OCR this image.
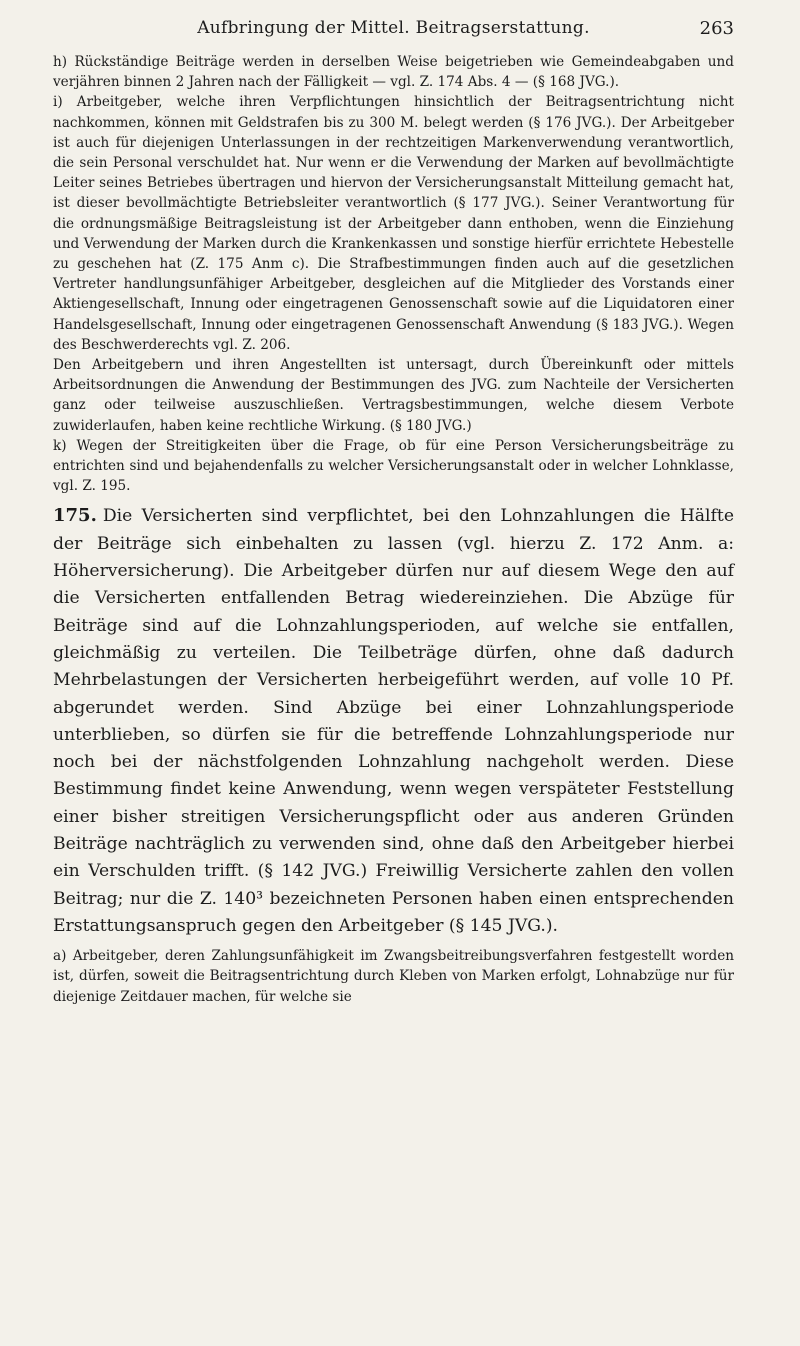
Aufbringung der Mittel. Beitragserstattung.	263

h) Rückständige Beiträge werden in derselben Weise beigetrieben wie Gemeindeabgaben und verjähren binnen 2 Jahren nach der Fälligkeit — vgl. Z. 174 Abs. 4 — (§ 168 JVG.).

i) Arbeitgeber, welche ihren Verpflichtungen hinsichtlich der Beitragsentrichtung nicht nachkommen, können mit Geldstrafen bis zu 300 M. belegt werden (§ 176 JVG.). Der Arbeitgeber ist auch für diejenigen Unterlassungen in der rechtzeitigen Markenverwendung verantwortlich, die sein Personal verschuldet hat. Nur wenn er die Verwendung der Marken auf bevollmächtigte Leiter seines Betriebes übertragen und hiervon der Versicherungsanstalt Mitteilung gemacht hat, ist dieser bevollmächtigte Betriebsleiter verantwortlich (§ 177 JVG.). Seiner Verantwortung für die ordnungsmäßige Beitragsleistung ist der Arbeitgeber dann enthoben, wenn die Einziehung und Verwendung der Marken durch die Krankenkassen und sonstige hierfür errichtete Hebestelle zu geschehen hat (Z. 175 Anm c). Die Strafbestimmungen finden auch auf die gesetzlichen Vertreter handlungsunfähiger Arbeitgeber, desgleichen auf die Mitglieder des Vorstands einer Aktiengesellschaft, Innung oder eingetragenen Genossenschaft sowie auf die Liquidatoren einer Handelsgesellschaft, Innung oder eingetragenen Genossenschaft Anwendung (§ 183 JVG.). Wegen des Beschwerderechts vgl. Z. 206.

Den Arbeitgebern und ihren Angestellten ist untersagt, durch Übereinkunft oder mittels Arbeitsordnungen die Anwendung der Bestimmungen des JVG. zum Nachteile der Versicherten ganz oder teilweise auszuschließen. Vertragsbestimmungen, welche diesem Verbote zuwiderlaufen, haben keine rechtliche Wirkung. (§ 180 JVG.)

k) Wegen der Streitigkeiten über die Frage, ob für eine Person Versicherungsbeiträge zu entrichten sind und bejahendenfalls zu welcher Versicherungsanstalt oder in welcher Lohnklasse, vgl. Z. 195.

175. Die Versicherten sind verpflichtet, bei den Lohnzahlungen die Hälfte der Beiträge sich einbehalten zu lassen (vgl. hierzu Z. 172 Anm. a: Höherversicherung). Die Arbeitgeber dürfen nur auf diesem Wege den auf die Versicherten entfallenden Betrag wiedereinziehen. Die Abzüge für Beiträge sind auf die Lohnzahlungsperioden, auf welche sie entfallen, gleichmäßig zu verteilen. Die Teilbeträge dürfen, ohne daß dadurch Mehrbelastungen der Versicherten herbeigeführt werden, auf volle 10 Pf. abgerundet werden. Sind Abzüge bei einer Lohnzahlungsperiode unterblieben, so dürfen sie für die betreffende Lohnzahlungsperiode nur noch bei der nächstfolgenden Lohnzahlung nachgeholt werden. Diese Bestimmung findet keine Anwendung, wenn wegen verspäteter Feststellung einer bisher streitigen Versicherungspflicht oder aus anderen Gründen Beiträge nachträglich zu verwenden sind, ohne daß den Arbeitgeber hierbei ein Verschulden trifft. (§ 142 JVG.) Freiwillig Versicherte zahlen den vollen Beitrag; nur die Z. 140³ bezeichneten Personen haben einen entsprechenden Erstattungsanspruch gegen den Arbeitgeber (§ 145 JVG.).

a) Arbeitgeber, deren Zahlungsunfähigkeit im Zwangsbeitreibungsverfahren festgestellt worden ist, dürfen, soweit die Beitragsentrichtung durch Kleben von Marken erfolgt, Lohnabzüge nur für diejenige Zeitdauer machen, für welche sie
